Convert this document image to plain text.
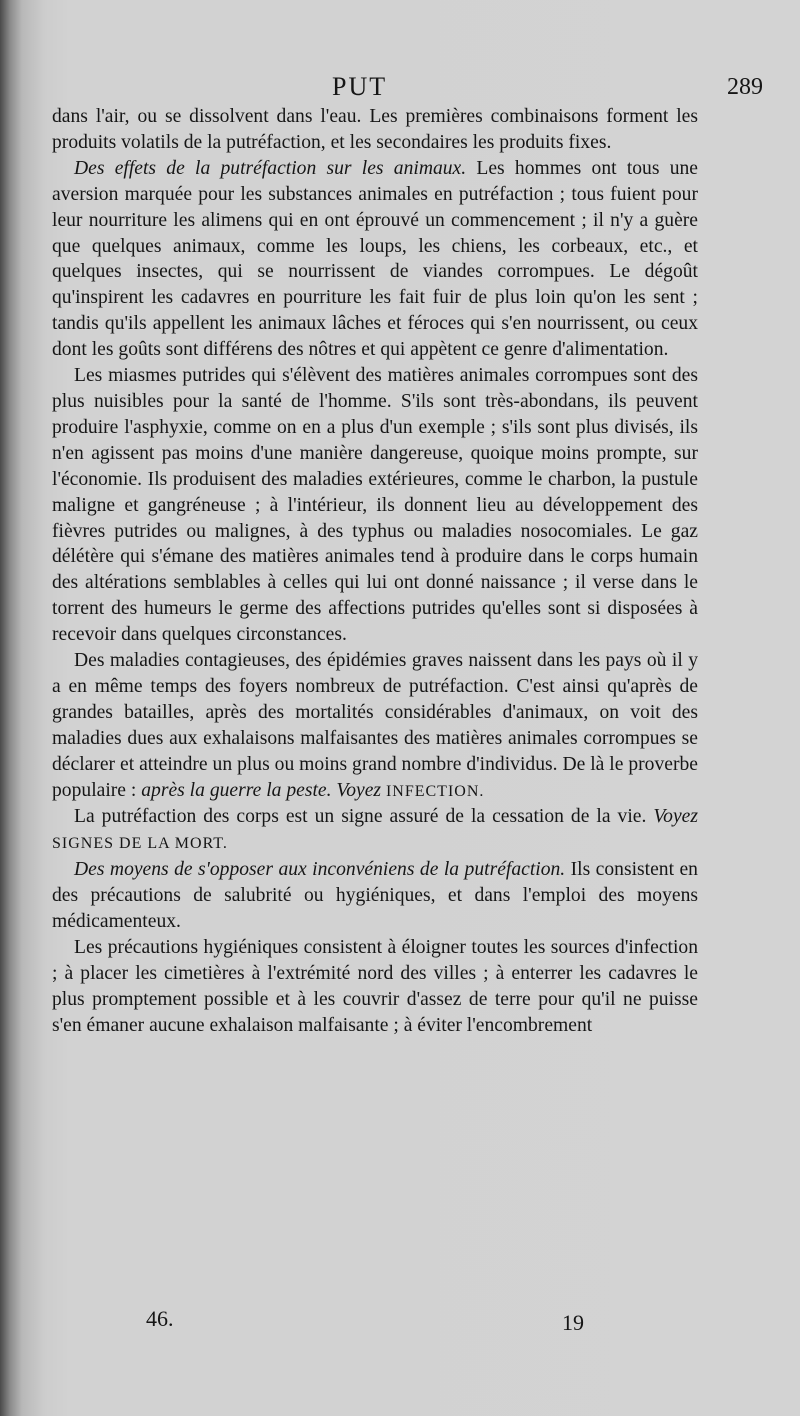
PUT	289

dans l'air, ou se dissolvent dans l'eau. Les premières combinaisons forment les produits volatils de la putréfaction, et les secondaires les produits fixes.

Des effets de la putréfaction sur les animaux. Les hommes ont tous une aversion marquée pour les substances animales en putréfaction ; tous fuient pour leur nourriture les alimens qui en ont éprouvé un commencement ; il n'y a guère que quelques animaux, comme les loups, les chiens, les corbeaux, etc., et quelques insectes, qui se nourrissent de viandes corrompues. Le dégoût qu'inspirent les cadavres en pourriture les fait fuir de plus loin qu'on les sent ; tandis qu'ils appellent les animaux lâches et féroces qui s'en nourrissent, ou ceux dont les goûts sont différens des nôtres et qui appètent ce genre d'alimentation.

Les miasmes putrides qui s'élèvent des matières animales corrompues sont des plus nuisibles pour la santé de l'homme. S'ils sont très-abondans, ils peuvent produire l'asphyxie, comme on en a plus d'un exemple ; s'ils sont plus divisés, ils n'en agissent pas moins d'une manière dangereuse, quoique moins prompte, sur l'économie. Ils produisent des maladies extérieures, comme le charbon, la pustule maligne et gangréneuse ; à l'intérieur, ils donnent lieu au développement des fièvres putrides ou malignes, à des typhus ou maladies nosocomiales. Le gaz délétère qui s'émane des matières animales tend à produire dans le corps humain des altérations semblables à celles qui lui ont donné naissance ; il verse dans le torrent des humeurs le germe des affections putrides qu'elles sont si disposées à recevoir dans quelques circonstances.

Des maladies contagieuses, des épidémies graves naissent dans les pays où il y a en même temps des foyers nombreux de putréfaction. C'est ainsi qu'après de grandes batailles, après des mortalités considérables d'animaux, on voit des maladies dues aux exhalaisons malfaisantes des matières animales corrompues se déclarer et atteindre un plus ou moins grand nombre d'individus. De là le proverbe populaire : après la guerre la peste. Voyez INFECTION.

La putréfaction des corps est un signe assuré de la cessation de la vie. Voyez SIGNES DE LA MORT.

Des moyens de s'opposer aux inconvéniens de la putréfaction. Ils consistent en des précautions de salubrité ou hygiéniques, et dans l'emploi des moyens médicamenteux.

Les précautions hygiéniques consistent à éloigner toutes les sources d'infection ; à placer les cimetières à l'extrémité nord des villes ; à enterrer les cadavres le plus promptement possible et à les couvrir d'assez de terre pour qu'il ne puisse s'en émaner aucune exhalaison malfaisante ; à éviter l'encombrement

46.	19
